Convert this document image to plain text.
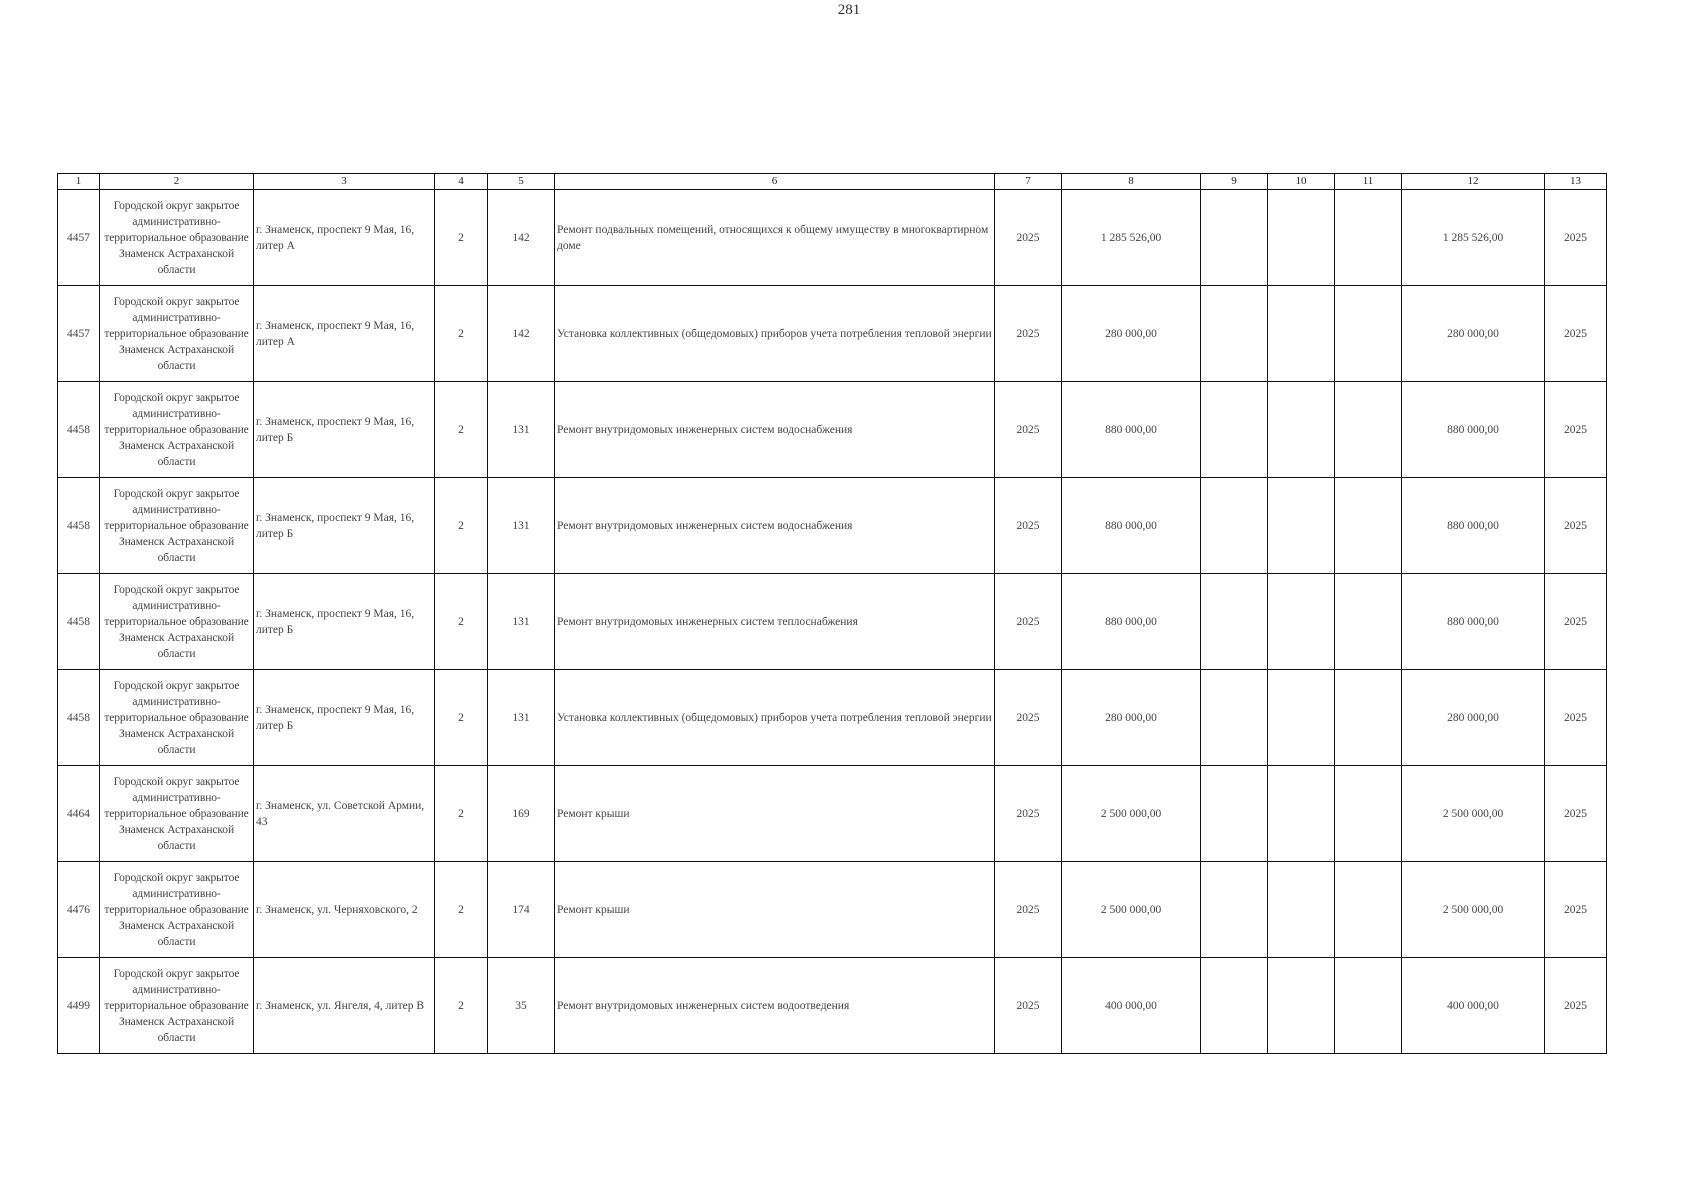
281
1	2	3	4	5	6	7	8	9	10	11	12	13
4457	Городской округ закрытое административно-территориальное образование Знаменск Астраханской области	г. Знаменск, проспект 9 Мая, 16, литер А	2	142	Ремонт подвальных помещений, относящихся к общему имуществу в многоквартирном доме	2025	1 285 526,00				1 285 526,00	2025
4457	Городской округ закрытое административно-территориальное образование Знаменск Астраханской области	г. Знаменск, проспект 9 Мая, 16, литер А	2	142	Установка коллективных (общедомовых) приборов учета потребления тепловой энергии	2025	280 000,00				280 000,00	2025
4458	Городской округ закрытое административно-территориальное образование Знаменск Астраханской области	г. Знаменск, проспект 9 Мая, 16, литер Б	2	131	Ремонт внутридомовых инженерных систем водоснабжения	2025	880 000,00				880 000,00	2025
4458	Городской округ закрытое административно-территориальное образование Знаменск Астраханской области	г. Знаменск, проспект 9 Мая, 16, литер Б	2	131	Ремонт внутридомовых инженерных систем водоснабжения	2025	880 000,00				880 000,00	2025
4458	Городской округ закрытое административно-территориальное образование Знаменск Астраханской области	г. Знаменск, проспект 9 Мая, 16, литер Б	2	131	Ремонт внутридомовых инженерных систем теплоснабжения	2025	880 000,00				880 000,00	2025
4458	Городской округ закрытое административно-территориальное образование Знаменск Астраханской области	г. Знаменск, проспект 9 Мая, 16, литер Б	2	131	Установка коллективных (общедомовых) приборов учета потребления тепловой энергии	2025	280 000,00				280 000,00	2025
4464	Городской округ закрытое административно-территориальное образование Знаменск Астраханской области	г. Знаменск, ул. Советской Армии, 43	2	169	Ремонт крыши	2025	2 500 000,00				2 500 000,00	2025
4476	Городской округ закрытое административно-территориальное образование Знаменск Астраханской области	г. Знаменск, ул. Черняховского, 2	2	174	Ремонт крыши	2025	2 500 000,00				2 500 000,00	2025
4499	Городской округ закрытое административно-территориальное образование Знаменск Астраханской области	г. Знаменск, ул. Янгеля, 4, литер В	2	35	Ремонт внутридомовых инженерных систем водоотведения	2025	400 000,00				400 000,00	2025
